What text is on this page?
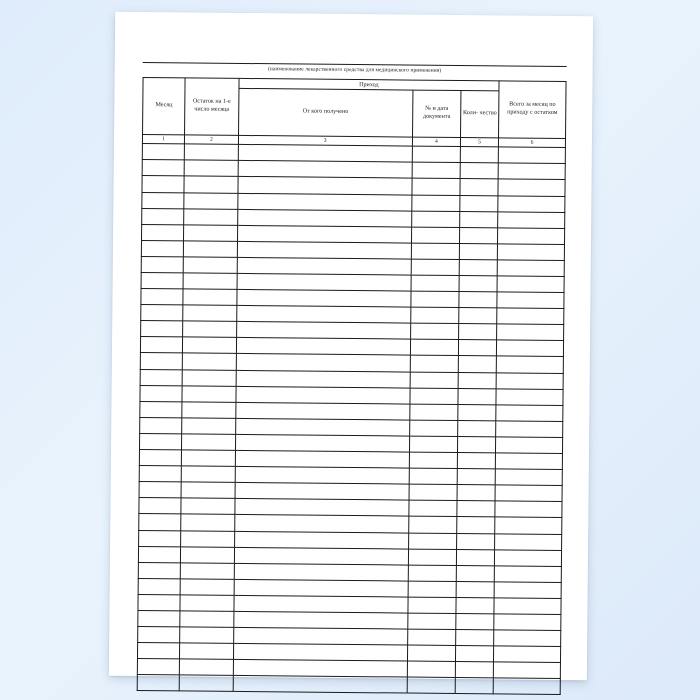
(наименование лекарственного средства для медицинского применения)
Месяц	Остаток на 1-е число месяца	Приход			Всего за месяц по приходу с остатком
		От кого получено	№ и дата документа	Коли- чество	
1	2	3	4	5	6
